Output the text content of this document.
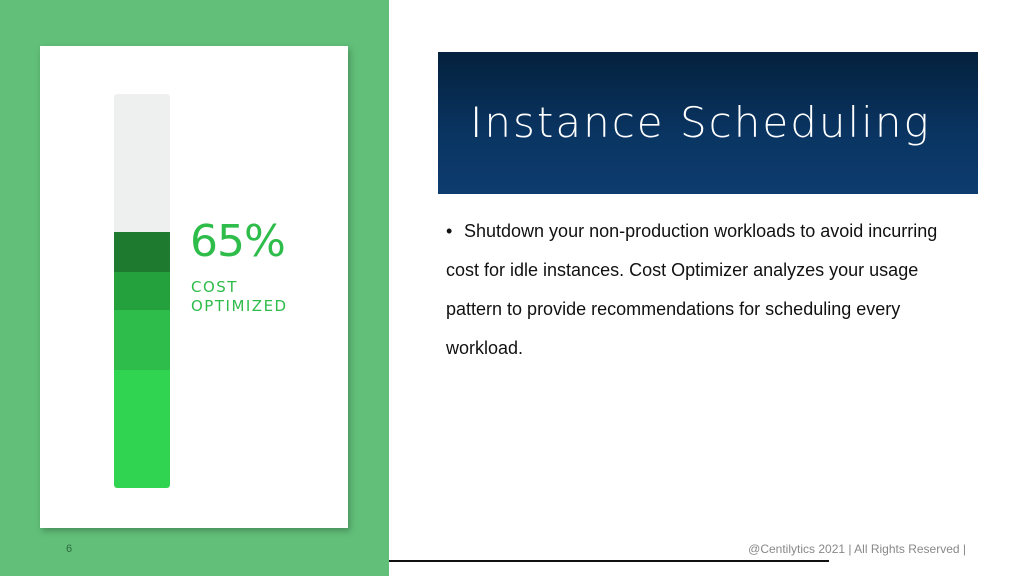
65%
COST
OPTIMIZED
6
Instance Scheduling
• Shutdown your non-production workloads to avoid incurring cost for idle instances. Cost Optimizer analyzes your usage pattern to provide recommendations for scheduling every workload.
@Centilytics 2021 | All Rights Reserved |
